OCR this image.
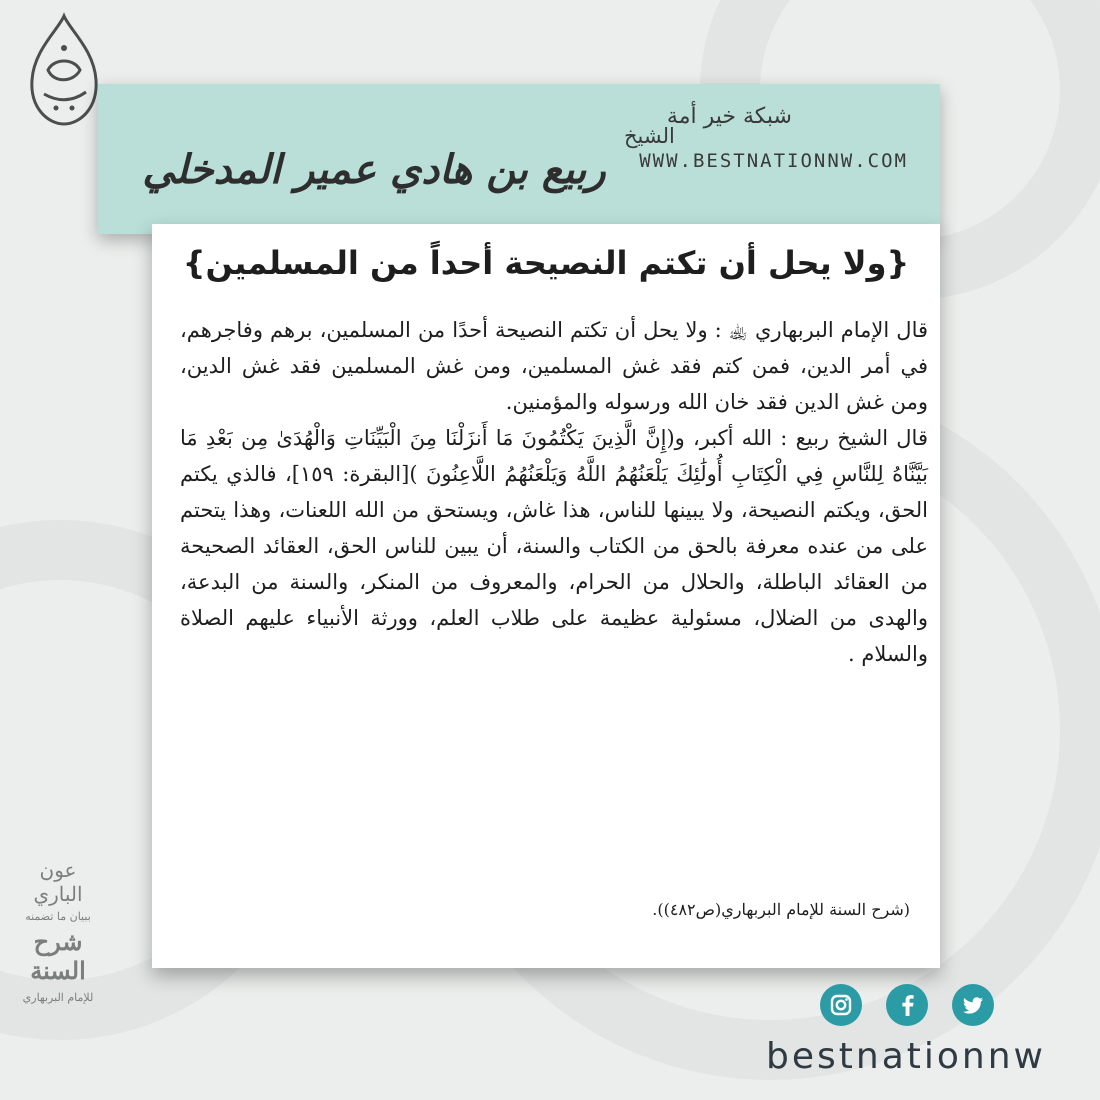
شبكة خير أمة
WWW.BESTNATIONNW.COM
الشيخ
ربيع بن هادي عمير المدخلي
{ولا يحل أن تكتم النصيحة أحداً من المسلمين}

قال الإمام البربهاري ﵀ : ولا يحل أن تكتم النصيحة أحدًا من المسلمين، برهم وفاجرهم، في أمر الدين، فمن كتم فقد غش المسلمين، ومن غش المسلمين فقد غش الدين، ومن غش الدين فقد خان الله ورسوله والمؤمنين.

قال الشيخ ربيع : الله أكبر، و(إِنَّ الَّذِينَ يَكْتُمُونَ مَا أَنزَلْنَا مِنَ الْبَيِّنَاتِ وَالْهُدَىٰ مِن بَعْدِ مَا بَيَّنَّاهُ لِلنَّاسِ فِي الْكِتَابِ أُولَٰئِكَ يَلْعَنُهُمُ اللَّهُ وَيَلْعَنُهُمُ اللَّاعِنُونَ )[البقرة: ١٥٩]، فالذي يكتم الحق، ويكتم النصيحة، ولا يبينها للناس، هذا غاش، ويستحق من الله اللعنات، وهذا يتحتم على من عنده معرفة بالحق من الكتاب والسنة، أن يبين للناس الحق، العقائد الصحيحة من العقائد الباطلة، والحلال من الحرام، والمعروف من المنكر، والسنة من البدعة، والهدى من الضلال، مسئولية عظيمة على طلاب العلم، وورثة الأنبياء عليهم الصلاة والسلام .

(شرح السنة للإمام البربهاري(ص٤٨٢)).
عون الباري
ببيان ما تضمنه
شرح السنة
للإمام البربهاري
bestnationnw
